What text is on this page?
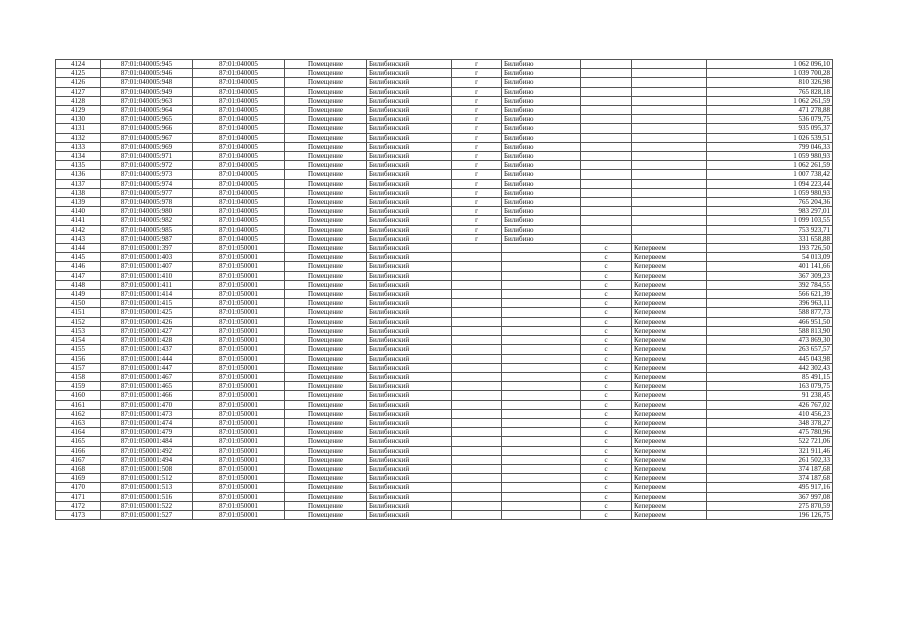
4124	87:01:040005:945	87:01:040005	Помещение	Билибинский	г	Билибино			1 062 096,10
4125	87:01:040005:946	87:01:040005	Помещение	Билибинский	г	Билибино			1 039 700,28
4126	87:01:040005:948	87:01:040005	Помещение	Билибинский	г	Билибино			810 326,98
4127	87:01:040005:949	87:01:040005	Помещение	Билибинский	г	Билибино			765 828,18
4128	87:01:040005:963	87:01:040005	Помещение	Билибинский	г	Билибино			1 062 261,59
4129	87:01:040005:964	87:01:040005	Помещение	Билибинский	г	Билибино			471 278,88
4130	87:01:040005:965	87:01:040005	Помещение	Билибинский	г	Билибино			536 079,75
4131	87:01:040005:966	87:01:040005	Помещение	Билибинский	г	Билибино			935 095,37
4132	87:01:040005:967	87:01:040005	Помещение	Билибинский	г	Билибино			1 026 539,51
4133	87:01:040005:969	87:01:040005	Помещение	Билибинский	г	Билибино			799 046,33
4134	87:01:040005:971	87:01:040005	Помещение	Билибинский	г	Билибино			1 059 980,93
4135	87:01:040005:972	87:01:040005	Помещение	Билибинский	г	Билибино			1 062 261,59
4136	87:01:040005:973	87:01:040005	Помещение	Билибинский	г	Билибино			1 007 738,42
4137	87:01:040005:974	87:01:040005	Помещение	Билибинский	г	Билибино			1 094 223,44
4138	87:01:040005:977	87:01:040005	Помещение	Билибинский	г	Билибино			1 059 980,93
4139	87:01:040005:978	87:01:040005	Помещение	Билибинский	г	Билибино			765 204,36
4140	87:01:040005:980	87:01:040005	Помещение	Билибинский	г	Билибино			983 297,01
4141	87:01:040005:982	87:01:040005	Помещение	Билибинский	г	Билибино			1 099 103,55
4142	87:01:040005:985	87:01:040005	Помещение	Билибинский	г	Билибино			753 923,71
4143	87:01:040005:987	87:01:040005	Помещение	Билибинский	г	Билибино			331 658,88
4144	87:01:050001:397	87:01:050001	Помещение	Билибинский			с	Кепервеем	193 726,50
4145	87:01:050001:403	87:01:050001	Помещение	Билибинский			с	Кепервеем	54 013,09
4146	87:01:050001:407	87:01:050001	Помещение	Билибинский			с	Кепервеем	401 141,66
4147	87:01:050001:410	87:01:050001	Помещение	Билибинский			с	Кепервеем	367 309,23
4148	87:01:050001:411	87:01:050001	Помещение	Билибинский			с	Кепервеем	392 784,55
4149	87:01:050001:414	87:01:050001	Помещение	Билибинский			с	Кепервеем	566 621,39
4150	87:01:050001:415	87:01:050001	Помещение	Билибинский			с	Кепервеем	396 963,11
4151	87:01:050001:425	87:01:050001	Помещение	Билибинский			с	Кепервеем	588 877,73
4152	87:01:050001:426	87:01:050001	Помещение	Билибинский			с	Кепервеем	466 951,50
4153	87:01:050001:427	87:01:050001	Помещение	Билибинский			с	Кепервеем	588 813,90
4154	87:01:050001:428	87:01:050001	Помещение	Билибинский			с	Кепервеем	473 869,30
4155	87:01:050001:437	87:01:050001	Помещение	Билибинский			с	Кепервеем	263 657,57
4156	87:01:050001:444	87:01:050001	Помещение	Билибинский			с	Кепервеем	445 043,98
4157	87:01:050001:447	87:01:050001	Помещение	Билибинский			с	Кепервеем	442 302,43
4158	87:01:050001:467	87:01:050001	Помещение	Билибинский			с	Кепервеем	85 491,15
4159	87:01:050001:465	87:01:050001	Помещение	Билибинский			с	Кепервеем	163 079,75
4160	87:01:050001:466	87:01:050001	Помещение	Билибинский			с	Кепервеем	91 238,45
4161	87:01:050001:470	87:01:050001	Помещение	Билибинский			с	Кепервеем	426 767,02
4162	87:01:050001:473	87:01:050001	Помещение	Билибинский			с	Кепервеем	410 456,23
4163	87:01:050001:474	87:01:050001	Помещение	Билибинский			с	Кепервеем	348 378,27
4164	87:01:050001:479	87:01:050001	Помещение	Билибинский			с	Кепервеем	475 780,96
4165	87:01:050001:484	87:01:050001	Помещение	Билибинский			с	Кепервеем	522 721,06
4166	87:01:050001:492	87:01:050001	Помещение	Билибинский			с	Кепервеем	321 911,46
4167	87:01:050001:494	87:01:050001	Помещение	Билибинский			с	Кепервеем	261 502,33
4168	87:01:050001:508	87:01:050001	Помещение	Билибинский			с	Кепервеем	374 187,68
4169	87:01:050001:512	87:01:050001	Помещение	Билибинский			с	Кепервеем	374 187,68
4170	87:01:050001:513	87:01:050001	Помещение	Билибинский			с	Кепервеем	495 917,16
4171	87:01:050001:516	87:01:050001	Помещение	Билибинский			с	Кепервеем	367 997,08
4172	87:01:050001:522	87:01:050001	Помещение	Билибинский			с	Кепервеем	275 870,59
4173	87:01:050001:527	87:01:050001	Помещение	Билибинский			с	Кепервеем	196 126,75
